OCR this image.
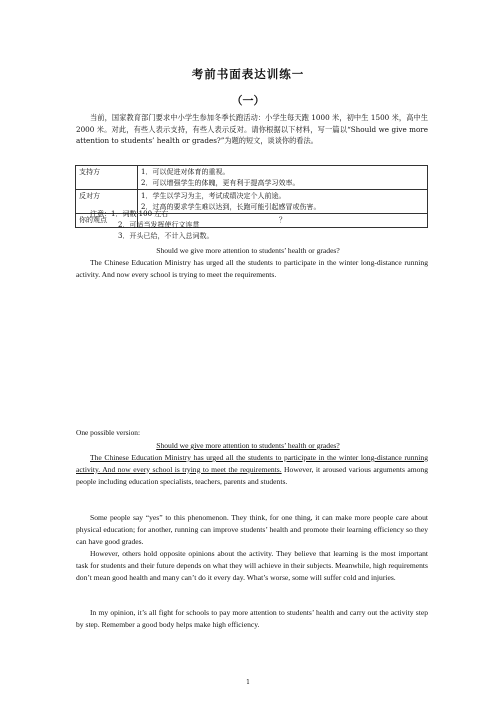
考前书面表达训练一
（一）
当前，国家教育部门要求中小学生参加冬季长跑活动：小学生每天跑 1000 米，初中生 1500 米，高中生 2000 米。对此，有些人表示支持，有些人表示反对。请你根据以下材料，写一篇以“Should we give more attention to students’ health or grades?”为题的短文，谈谈你的看法。
支持方	1．可以促进对体育的重视。
2．可以增强学生的体魄，更有利于提高学习效率。

反对方	1．学生以学习为主，考试成绩决定个人前途。
2．过高的要求学生难以达到，长跑可能引起感冒或伤害。

你的观点	？
注意：1．词数 100 左右
2．可适当发挥使行文连贯
3．开头已给，不计入总词数。
Should we give more attention to students’ health or grades?
The Chinese Education Ministry has urged all the students to participate in the winter long-distance running activity. And now every school is trying to meet the requirements.
One possible version:
Should we give more attention to students’ health or grades?
The Chinese Education Ministry has urged all the students to participate in the winter long-distance running activity. And now every school is trying to meet the requirements. However, it aroused various arguments among people including education specialists, teachers, parents and students.
Some people say “yes” to this phenomenon. They think, for one thing, it can make more people care about physical education; for another, running can improve students’ health and promote their learning efficiency so they can have good grades.
However, others hold opposite opinions about the activity. They believe that learning is the most important task for students and their future depends on what they will achieve in their subjects. Meanwhile, high requirements don’t mean good health and many can’t do it every day. What’s worse, some will suffer cold and injuries.
In my opinion, it’s all fight for schools to pay more attention to students’ health and carry out the activity step by step. Remember a good body helps make high efficiency.
1
